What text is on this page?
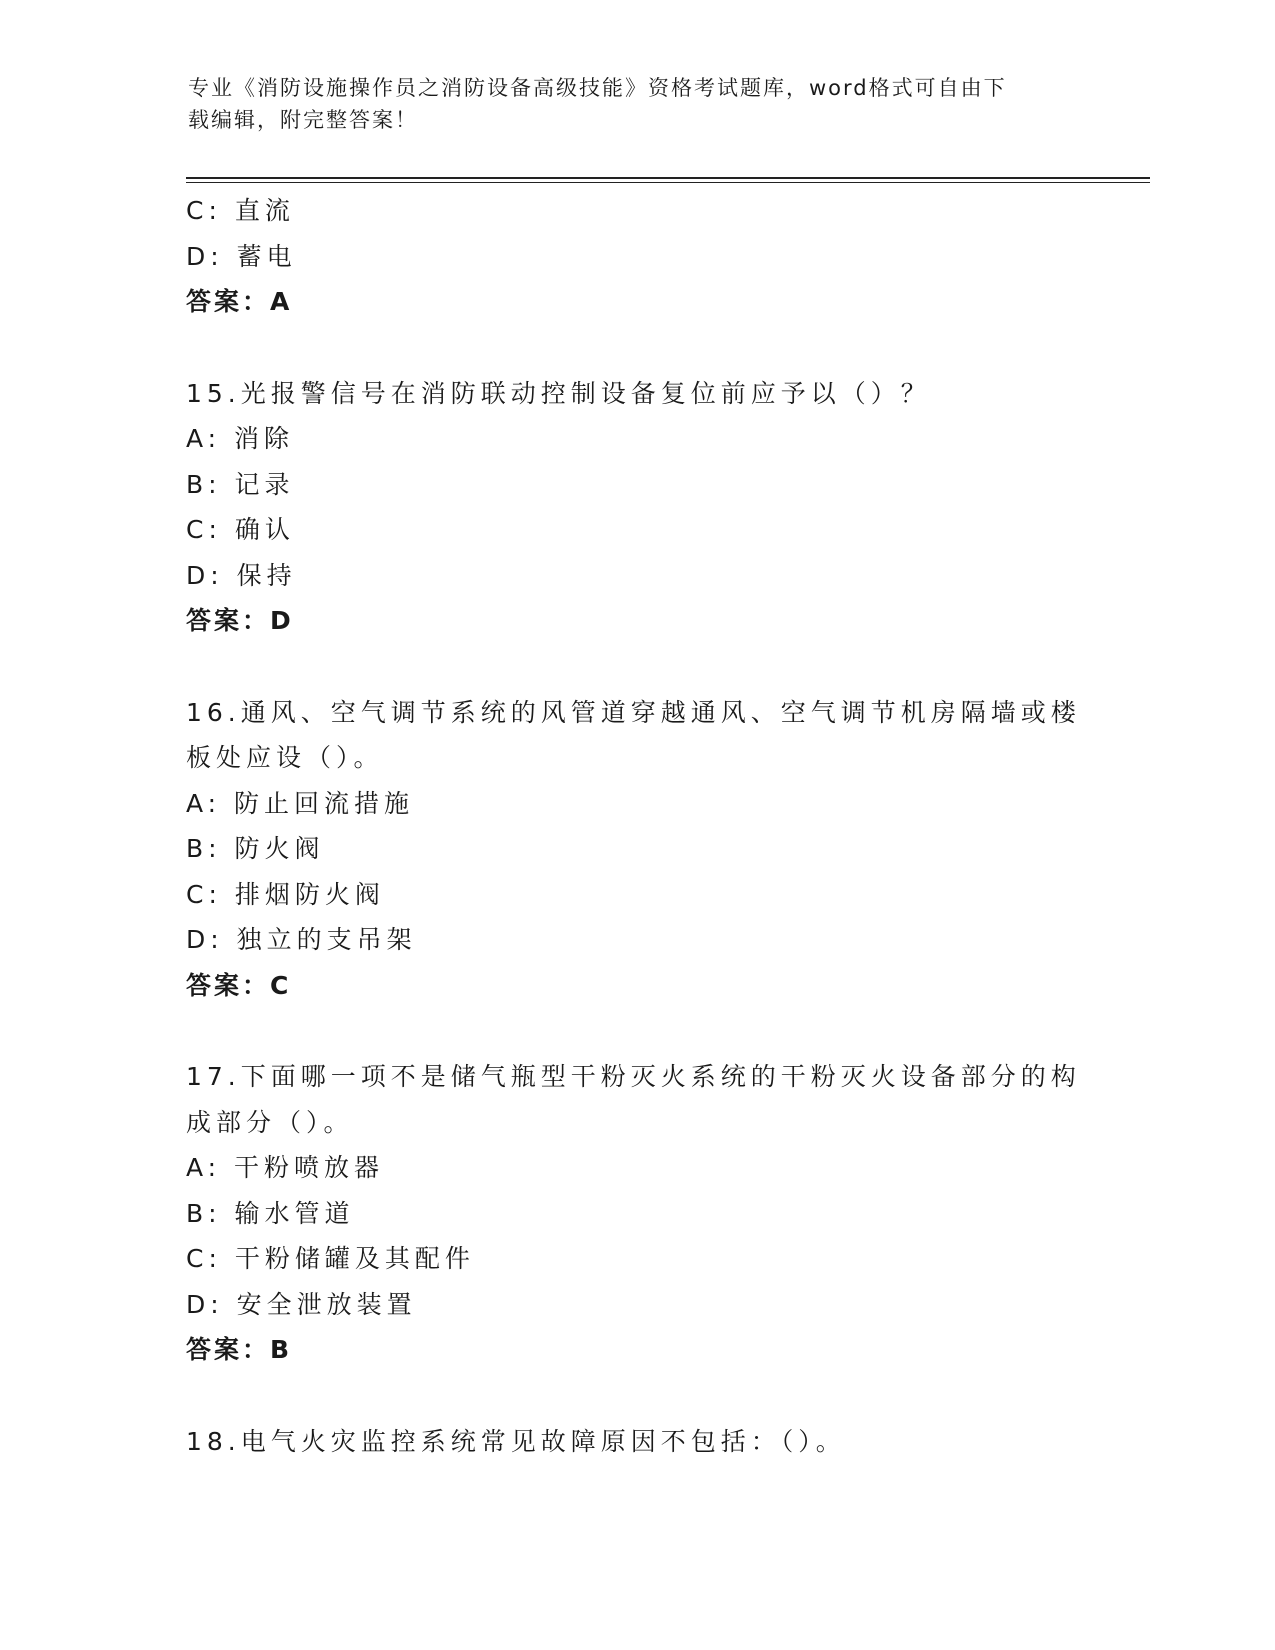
专业《消防设施操作员之消防设备高级技能》资格考试题库，word格式可自由下
载编辑，附完整答案！
C: 直流
D: 蓄电
答案：A
15.光报警信号在消防联动控制设备复位前应予以（）？
A: 消除
B: 记录
C: 确认
D: 保持
答案：D
16.通风、空气调节系统的风管道穿越通风、空气调节机房隔墙或楼板处应设（）。
A: 防止回流措施
B: 防火阀
C: 排烟防火阀
D: 独立的支吊架
答案：C
17.下面哪一项不是储气瓶型干粉灭火系统的干粉灭火设备部分的构成部分（）。
A: 干粉喷放器
B: 输水管道
C: 干粉储罐及其配件
D: 安全泄放装置
答案：B
18.电气火灾监控系统常见故障原因不包括：（）。
